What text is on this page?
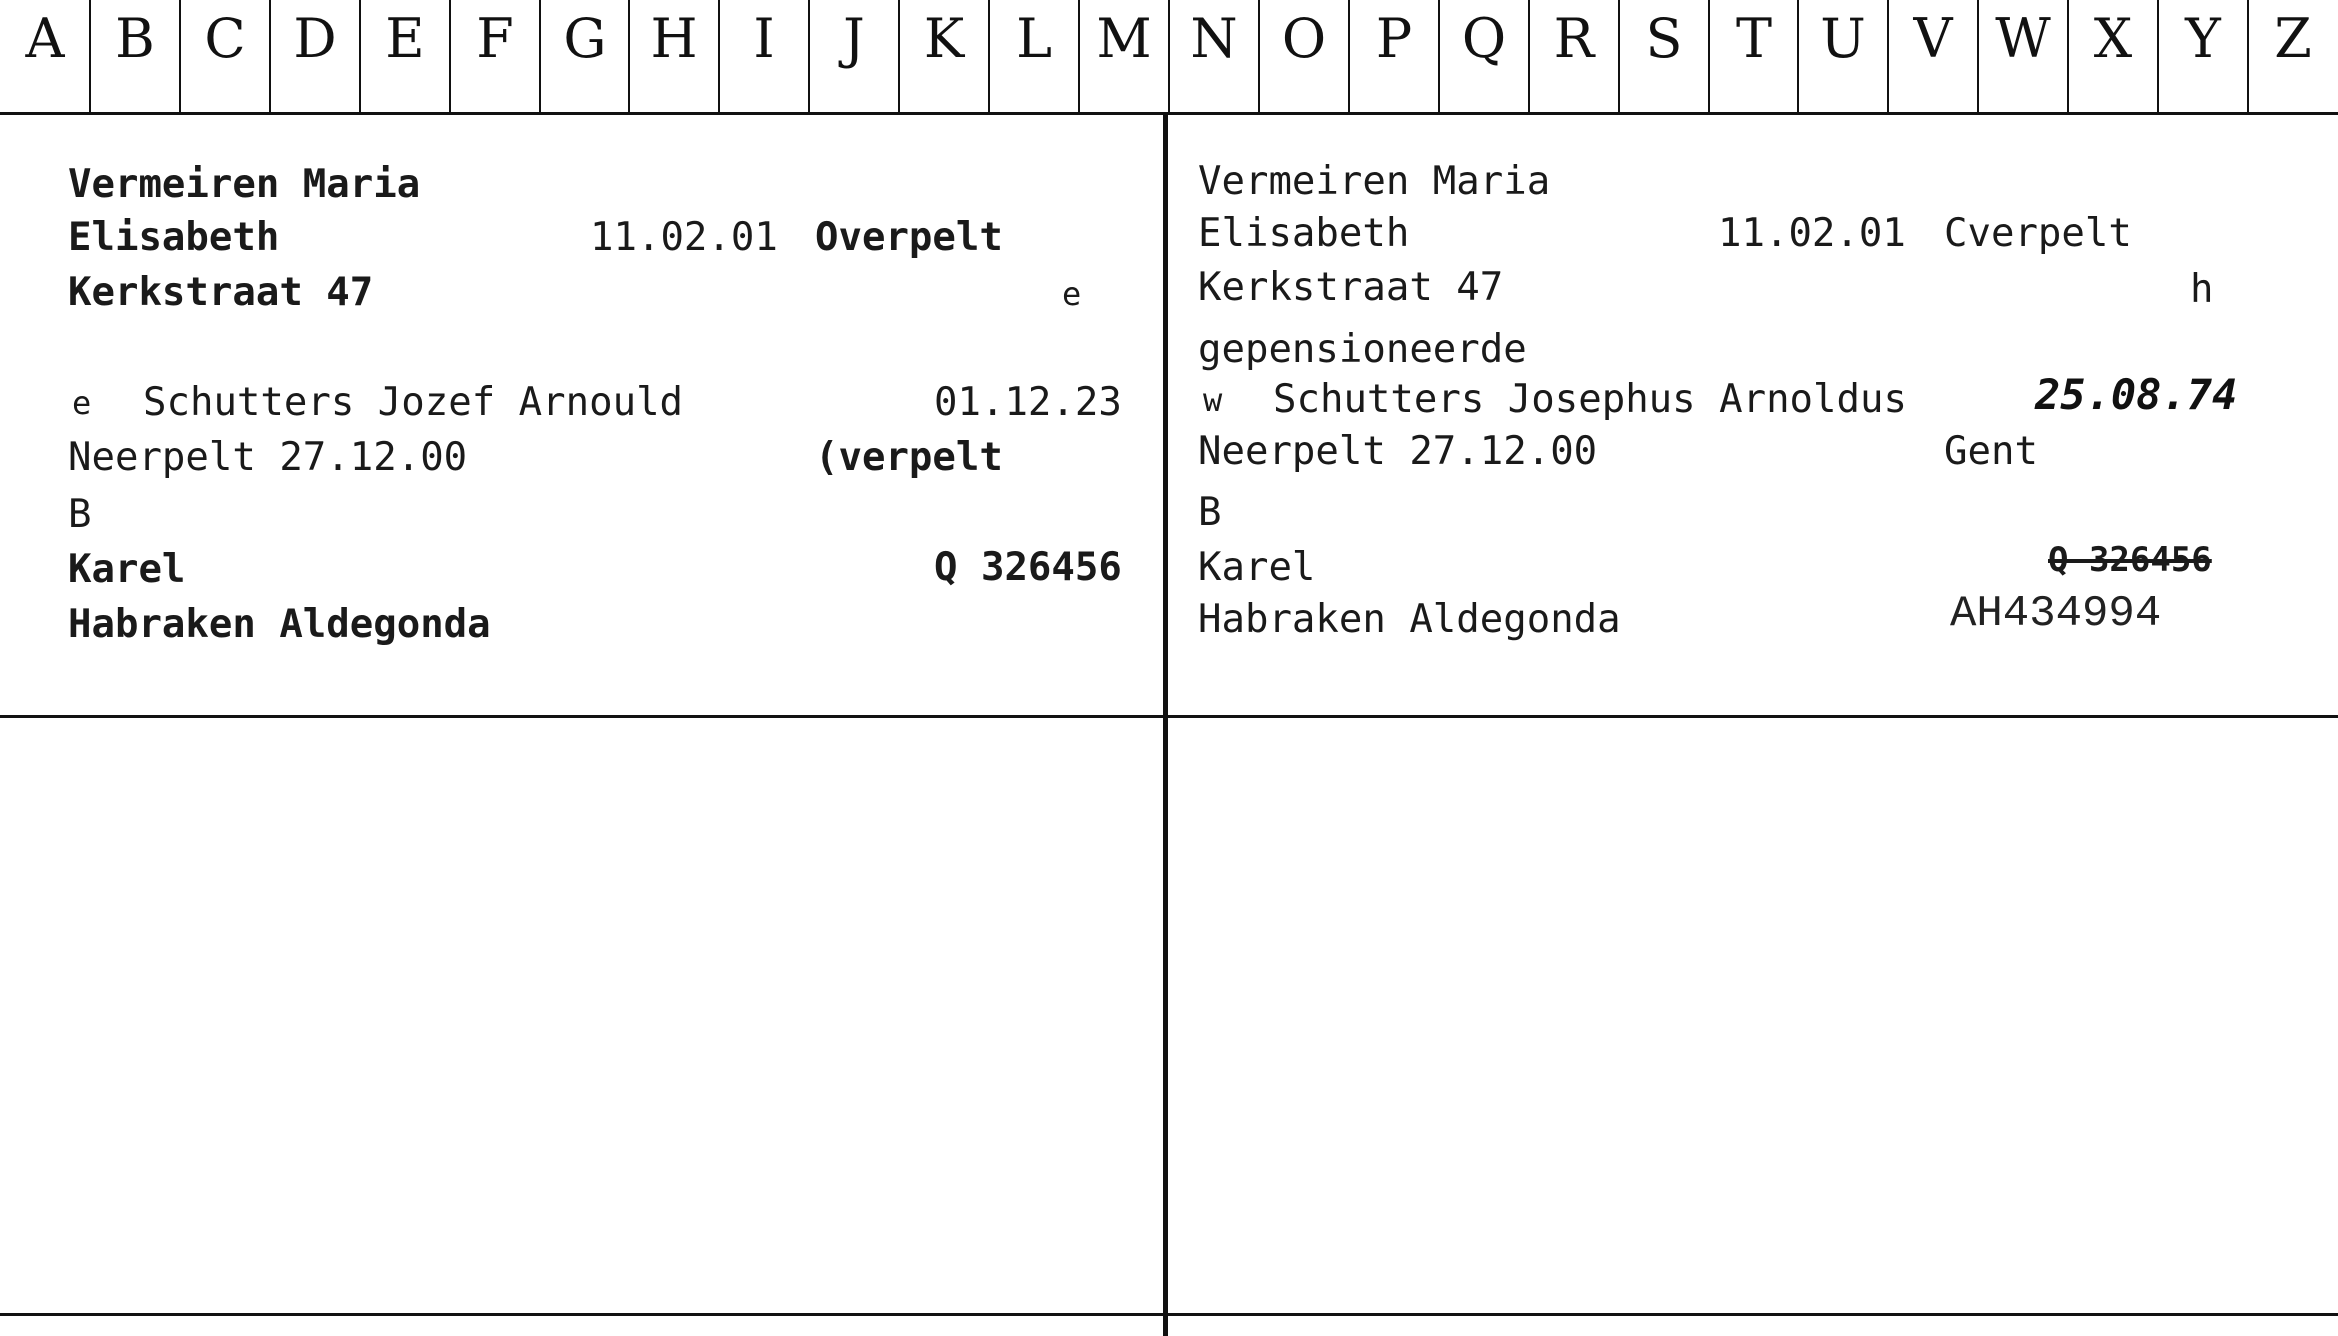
A B C D E F G H	I	J	K L M N O P Q R S T U V W X Y Z
Vermeiren Maria
Elisabeth	11.02.01 Overpelt
Kerkstraat 47	e
e Schutters Jozef Arnould	01.12.23
Neerpelt 27.12.00	(verpelt
B
Karel	Q 326456
Habraken Aldegonda
Vermeiren Maria
Elisabeth	11.02.01 Cverpelt
Kerkstraat 47	h
gepensioneerde
w Schutters Josephus Arnoldus	25.08.74
Neerpelt 27.12.00	Gent
B
Karel	Q 326456
AH434994
Habraken Aldegonda
